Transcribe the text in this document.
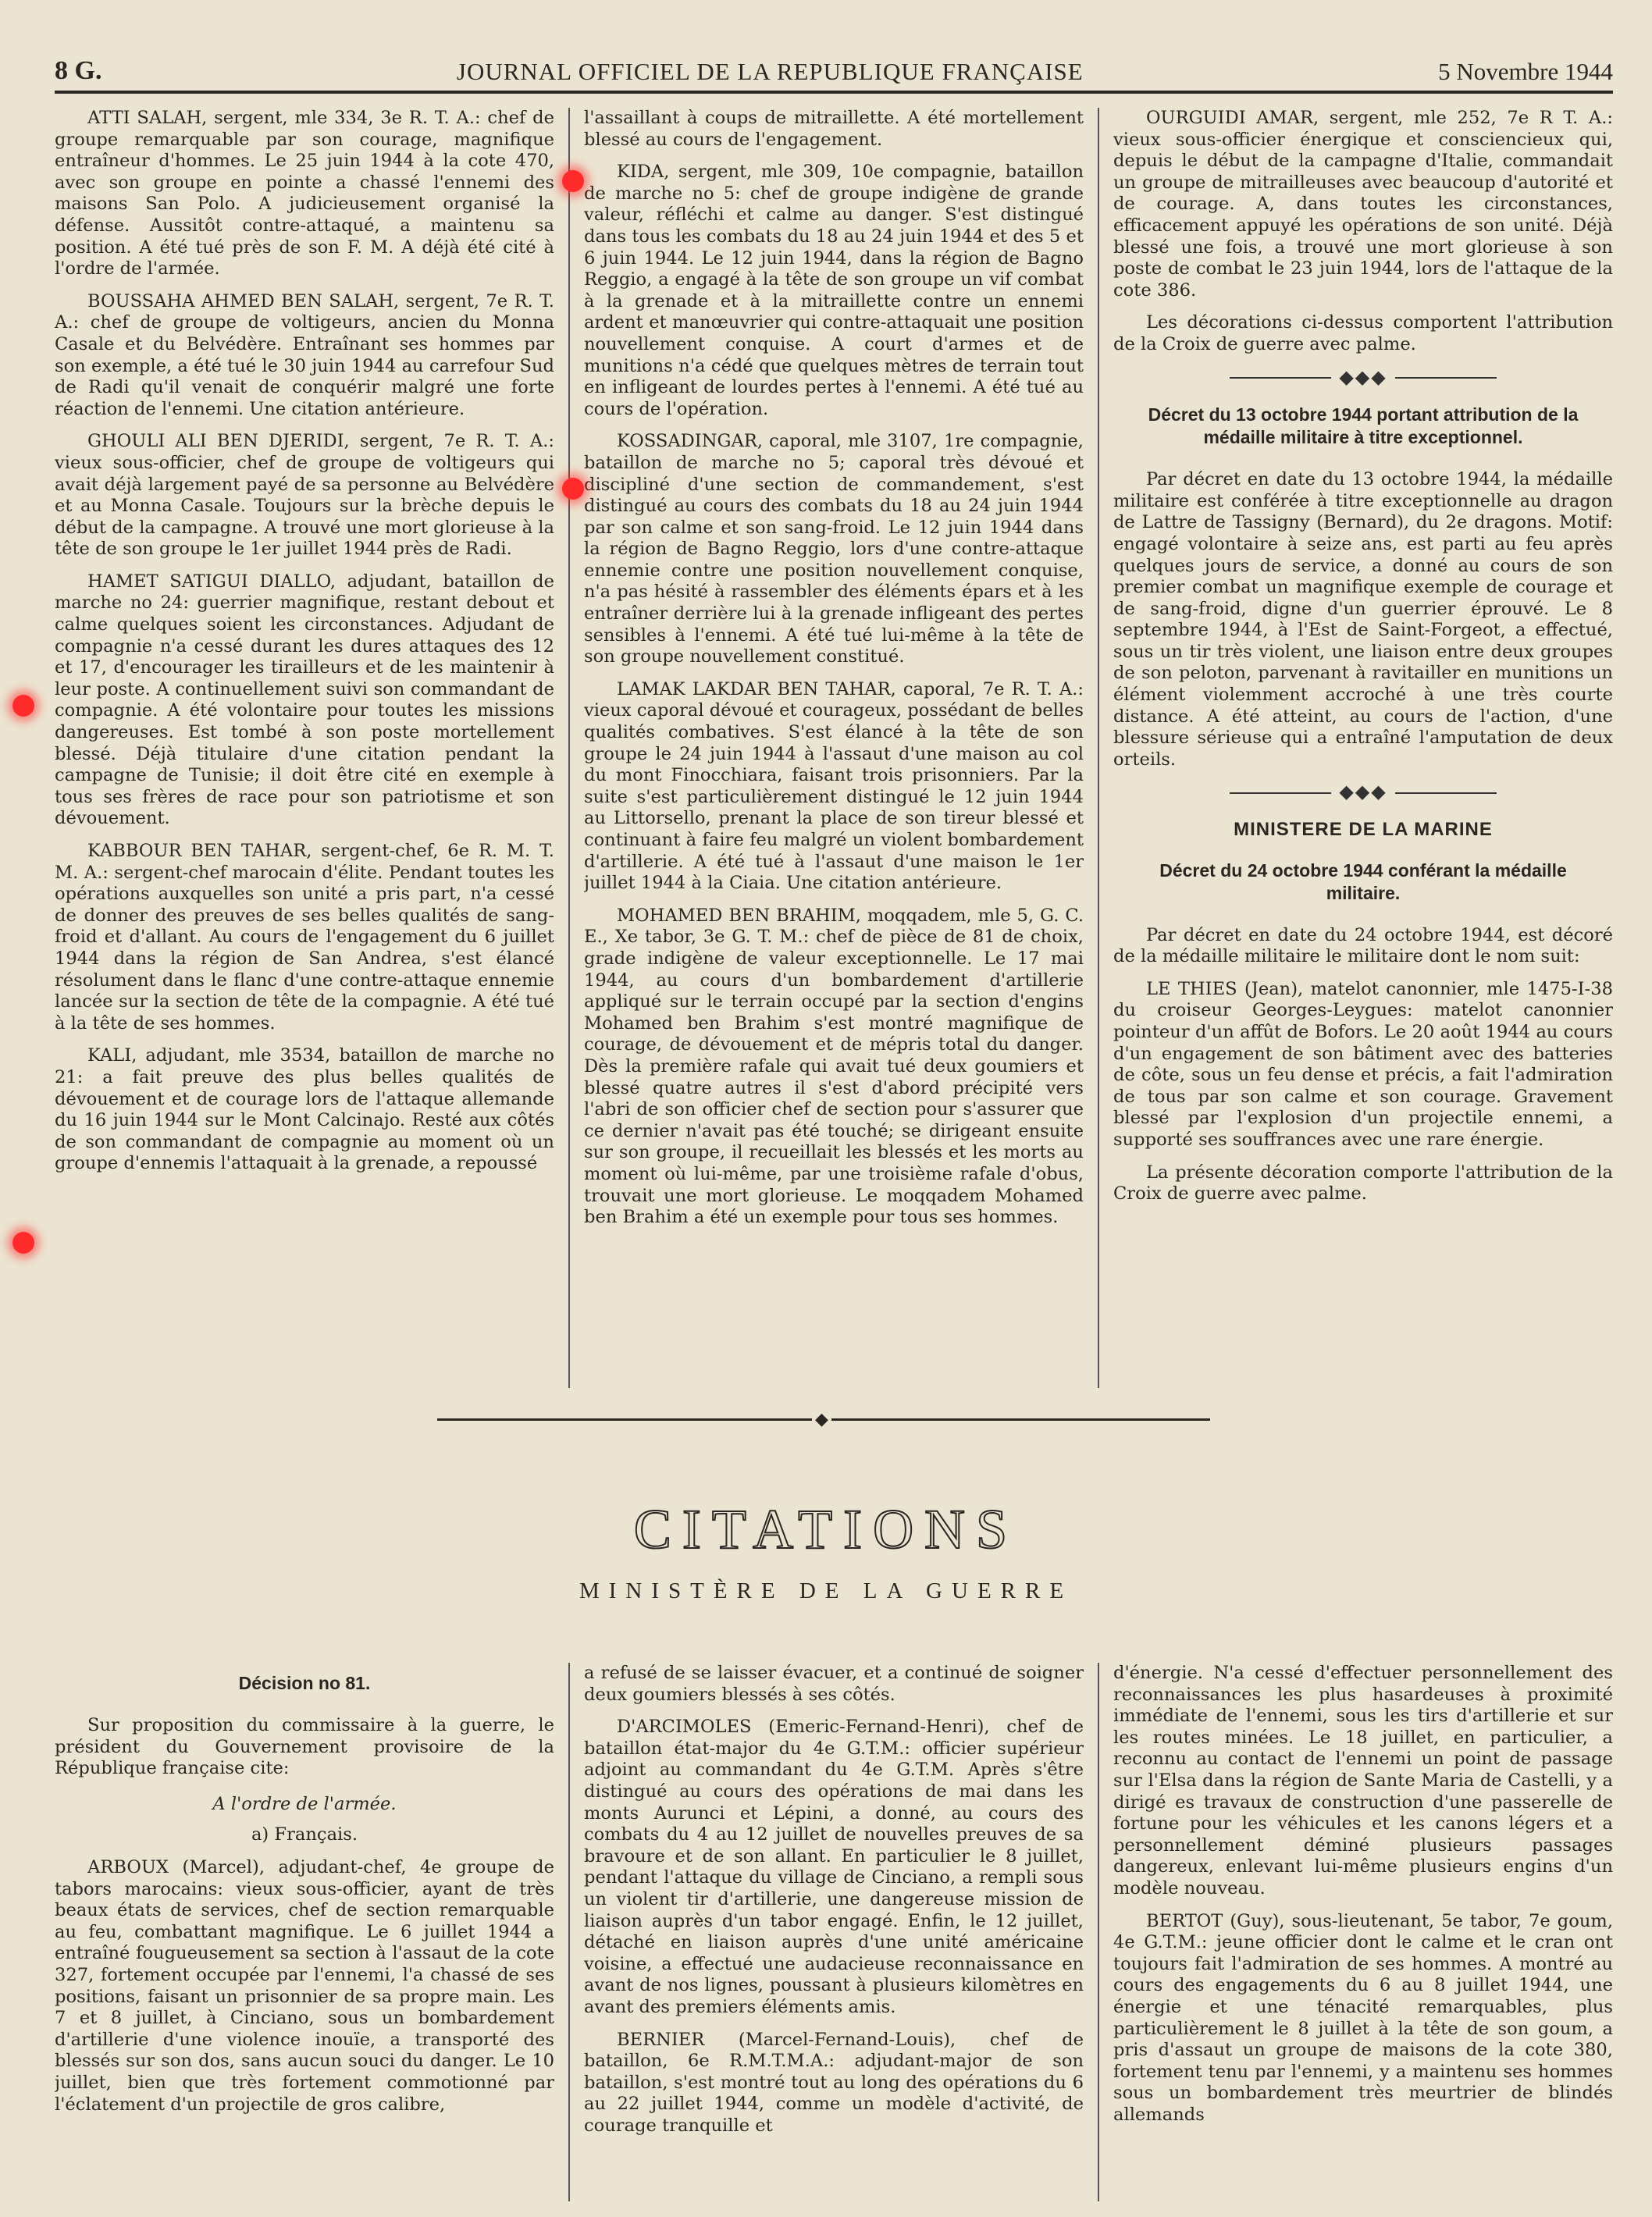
8 G.	JOURNAL OFFICIEL DE LA REPUBLIQUE FRANÇAISE	5 Novembre 1944

ATTI SALAH, sergent, mle 334, 3e R. T. A.: chef de groupe remarquable par son courage, magnifique entraîneur d'hommes. Le 25 juin 1944 à la cote 470, avec son groupe en pointe a chassé l'ennemi des maisons San Polo. A judicieusement organisé la défense. Aussitôt contre-attaqué, a maintenu sa position. A été tué près de son F. M. A déjà été cité à l'ordre de l'armée.

BOUSSAHA AHMED BEN SALAH, sergent, 7e R. T. A.: chef de groupe de voltigeurs, ancien du Monna Casale et du Belvédère. Entraînant ses hommes par son exemple, a été tué le 30 juin 1944 au carrefour Sud de Radi qu'il venait de conquérir malgré une forte réaction de l'ennemi. Une citation antérieure.

GHOULI ALI BEN DJERIDI, sergent, 7e R. T. A.: vieux sous-officier, chef de groupe de voltigeurs qui avait déjà largement payé de sa personne au Belvédère et au Monna Casale. Toujours sur la brèche depuis le début de la campagne. A trouvé une mort glorieuse à la tête de son groupe le 1er juillet 1944 près de Radi.

HAMET SATIGUI DIALLO, adjudant, bataillon de marche no 24: guerrier magnifique, restant debout et calme quelques soient les circonstances. Adjudant de compagnie n'a cessé durant les dures attaques des 12 et 17, d'encourager les tirailleurs et de les maintenir à leur poste. A continuellement suivi son commandant de compagnie. A été volontaire pour toutes les missions dangereuses. Est tombé à son poste mortellement blessé. Déjà titulaire d'une citation pendant la campagne de Tunisie; il doit être cité en exemple à tous ses frères de race pour son patriotisme et son dévouement.

KABBOUR BEN TAHAR, sergent-chef, 6e R. M. T. M. A.: sergent-chef marocain d'élite. Pendant toutes les opérations auxquelles son unité a pris part, n'a cessé de donner des preuves de ses belles qualités de sang-froid et d'allant. Au cours de l'engagement du 6 juillet 1944 dans la région de San Andrea, s'est élancé résolument dans le flanc d'une contre-attaque ennemie lancée sur la section de tête de la compagnie. A été tué à la tête de ses hommes.

KALI, adjudant, mle 3534, bataillon de marche no 21: a fait preuve des plus belles qualités de dévouement et de courage lors de l'attaque allemande du 16 juin 1944 sur le Mont Calcinajo. Resté aux côtés de son commandant de compagnie au moment où un groupe d'ennemis l'attaquait à la grenade, a repoussé

l'assaillant à coups de mitraillette. A été mortellement blessé au cours de l'engagement.

KIDA, sergent, mle 309, 10e compagnie, bataillon de marche no 5: chef de groupe indigène de grande valeur, réfléchi et calme au danger. S'est distingué dans tous les combats du 18 au 24 juin 1944 et des 5 et 6 juin 1944. Le 12 juin 1944, dans la région de Bagno Reggio, a engagé à la tête de son groupe un vif combat à la grenade et à la mitraillette contre un ennemi ardent et manœuvrier qui contre-attaquait une position nouvellement conquise. A court d'armes et de munitions n'a cédé que quelques mètres de terrain tout en infligeant de lourdes pertes à l'ennemi. A été tué au cours de l'opération.

KOSSADINGAR, caporal, mle 3107, 1re compagnie, bataillon de marche no 5; caporal très dévoué et discipliné d'une section de commandement, s'est distingué au cours des combats du 18 au 24 juin 1944 par son calme et son sang-froid. Le 12 juin 1944 dans la région de Bagno Reggio, lors d'une contre-attaque ennemie contre une position nouvellement conquise, n'a pas hésité à rassembler des éléments épars et à les entraîner derrière lui à la grenade infligeant des pertes sensibles à l'ennemi. A été tué lui-même à la tête de son groupe nouvellement constitué.

LAMAK LAKDAR BEN TAHAR, caporal, 7e R. T. A.: vieux caporal dévoué et courageux, possédant de belles qualités combatives. S'est élancé à la tête de son groupe le 24 juin 1944 à l'assaut d'une maison au col du mont Finocchiara, faisant trois prisonniers. Par la suite s'est particulièrement distingué le 12 juin 1944 au Littorsello, prenant la place de son tireur blessé et continuant à faire feu malgré un violent bombardement d'artillerie. A été tué à l'assaut d'une maison le 1er juillet 1944 à la Ciaia. Une citation antérieure.

MOHAMED BEN BRAHIM, moqqadem, mle 5, G. C. E., Xe tabor, 3e G. T. M.: chef de pièce de 81 de choix, grade indigène de valeur exceptionnelle. Le 17 mai 1944, au cours d'un bombardement d'artillerie appliqué sur le terrain occupé par la section d'engins Mohamed ben Brahim s'est montré magnifique de courage, de dévouement et de mépris total du danger. Dès la première rafale qui avait tué deux goumiers et blessé quatre autres il s'est d'abord précipité vers l'abri de son officier chef de section pour s'assurer que ce dernier n'avait pas été touché; se dirigeant ensuite sur son groupe, il recueillait les blessés et les morts au moment où lui-même, par une troisième rafale d'obus, trouvait une mort glorieuse. Le moqqadem Mohamed ben Brahim a été un exemple pour tous ses hommes.

OURGUIDI AMAR, sergent, mle 252, 7e R T. A.: vieux sous-officier énergique et consciencieux qui, depuis le début de la campagne d'Italie, commandait un groupe de mitrailleuses avec beaucoup d'autorité et de courage. A, dans toutes les circonstances, efficacement appuyé les opérations de son unité. Déjà blessé une fois, a trouvé une mort glorieuse à son poste de combat le 23 juin 1944, lors de l'attaque de la cote 386.

Les décorations ci-dessus comportent l'attribution de la Croix de guerre avec palme.

◆◆◆

Décret du 13 octobre 1944 portant attribution de la médaille militaire à titre exceptionnel.

Par décret en date du 13 octobre 1944, la médaille militaire est conférée à titre exceptionnelle au dragon de Lattre de Tassigny (Bernard), du 2e dragons. Motif: engagé volontaire à seize ans, est parti au feu après quelques jours de service, a donné au cours de son premier combat un magnifique exemple de courage et de sang-froid, digne d'un guerrier éprouvé. Le 8 septembre 1944, à l'Est de Saint-Forgeot, a effectué, sous un tir très violent, une liaison entre deux groupes de son peloton, parvenant à ravitailler en munitions un élément violemment accroché à une très courte distance. A été atteint, au cours de l'action, d'une blessure sérieuse qui a entraîné l'amputation de deux orteils.

◆◆◆

MINISTERE DE LA MARINE

Décret du 24 octobre 1944 conférant la médaille militaire.

Par décret en date du 24 octobre 1944, est décoré de la médaille militaire le militaire dont le nom suit:

LE THIES (Jean), matelot canonnier, mle 1475-I-38 du croiseur Georges-Leygues: matelot canonnier pointeur d'un affût de Bofors. Le 20 août 1944 au cours d'un engagement de son bâtiment avec des batteries de côte, sous un feu dense et précis, a fait l'admiration de tous par son calme et son courage. Gravement blessé par l'explosion d'un projectile ennemi, a supporté ses souffrances avec une rare énergie.

La présente décoration comporte l'attribution de la Croix de guerre avec palme.

◆
CITATIONS
MINISTÈRE DE LA GUERRE

Décision no 81.

Sur proposition du commissaire à la guerre, le président du Gouvernement provisoire de la République française cite:

A l'ordre de l'armée.

a) Français.

ARBOUX (Marcel), adjudant-chef, 4e groupe de tabors marocains: vieux sous-officier, ayant de très beaux états de services, chef de section remarquable au feu, combattant magnifique. Le 6 juillet 1944 a entraîné fougueusement sa section à l'assaut de la cote 327, fortement occupée par l'ennemi, l'a chassé de ses positions, faisant un prisonnier de sa propre main. Les 7 et 8 juillet, à Cinciano, sous un bombardement d'artillerie d'une violence inouïe, a transporté des blessés sur son dos, sans aucun souci du danger. Le 10 juillet, bien que très fortement commotionné par l'éclatement d'un projectile de gros calibre,

a refusé de se laisser évacuer, et a continué de soigner deux goumiers blessés à ses côtés.

D'ARCIMOLES (Emeric-Fernand-Henri), chef de bataillon état-major du 4e G.T.M.: officier supérieur adjoint au commandant du 4e G.T.M. Après s'être distingué au cours des opérations de mai dans les monts Aurunci et Lépini, a donné, au cours des combats du 4 au 12 juillet de nouvelles preuves de sa bravoure et de son allant. En particulier le 8 juillet, pendant l'attaque du village de Cinciano, a rempli sous un violent tir d'artillerie, une dangereuse mission de liaison auprès d'un tabor engagé. Enfin, le 12 juillet, détaché en liaison auprès d'une unité américaine voisine, a effectué une audacieuse reconnaissance en avant de nos lignes, poussant à plusieurs kilomètres en avant des premiers éléments amis.

BERNIER (Marcel-Fernand-Louis), chef de bataillon, 6e R.M.T.M.A.: adjudant-major de son bataillon, s'est montré tout au long des opérations du 6 au 22 juillet 1944, comme un modèle d'activité, de courage tranquille et

d'énergie. N'a cessé d'effectuer personnellement des reconnaissances les plus hasardeuses à proximité immédiate de l'ennemi, sous les tirs d'artillerie et sur les routes minées. Le 18 juillet, en particulier, a reconnu au contact de l'ennemi un point de passage sur l'Elsa dans la région de Sante Maria de Castelli, y a dirigé es travaux de construction d'une passerelle de fortune pour les véhicules et les canons légers et a personnellement déminé plusieurs passages dangereux, enlevant lui-même plusieurs engins d'un modèle nouveau.

BERTOT (Guy), sous-lieutenant, 5e tabor, 7e goum, 4e G.T.M.: jeune officier dont le calme et le cran ont toujours fait l'admiration de ses hommes. A montré au cours des engagements du 6 au 8 juillet 1944, une énergie et une ténacité remarquables, plus particulièrement le 8 juillet à la tête de son goum, a pris d'assaut un groupe de maisons de la cote 380, fortement tenu par l'ennemi, y a maintenu ses hommes sous un bombardement très meurtrier de blindés allemands
